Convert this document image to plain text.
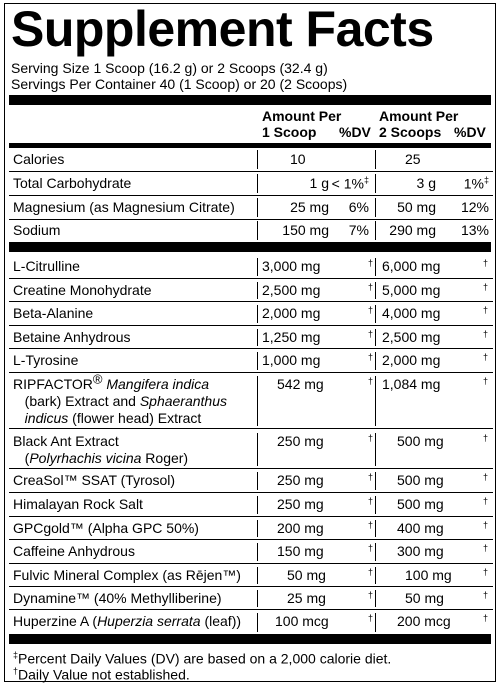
Supplement Facts
Serving Size 1 Scoop (16.2 g) or 2 Scoops (32.4 g)
Servings Per Container 40 (1 Scoop) or 20 (2 Scoops)
Amount Per
1 Scoop %DV
Amount Per
2 Scoops %DV
Calories	10	25
Total Carbohydrate	1 g < 1%‡	3 g 1%‡
Magnesium (as Magnesium Citrate)	25 mg 6% 50 mg 12%
Sodium	150 mg 7% 290 mg 13%
L-Citrulline	3,000 mg	† 6,000 mg	†
Creatine Monohydrate	2,500 mg	† 5,000 mg	†
Beta-Alanine	2,000 mg	† 4,000 mg	†
Betaine Anhydrous	1,250 mg	† 2,500 mg	†
L-Tyrosine	1,000 mg	† 2,000 mg	†
RIPFACTOR® Mangifera indica
(bark) Extract and Sphaeranthus
indicus (flower head) Extract
542 mg	† 1,084 mg	†
Black Ant Extract
(Polyrhachis vicina Roger)
250 mg	† 500 mg	†
CreaSol™ SSAT (Tyrosol)	250 mg	† 500 mg	†
Himalayan Rock Salt	250 mg	† 500 mg	†
GPCgold™ (Alpha GPC 50%)	200 mg	† 400 mg	†
Caffeine Anhydrous	150 mg	† 300 mg	†
Fulvic Mineral Complex (as Rējen™)	50 mg	† 100 mg	†
Dynamine™ (40% Methylliberine)	25 mg	† 50 mg	†
Huperzine A (Huperzia serrata (leaf)) 100 mcg	† 200 mcg	†
‡Percent Daily Values (DV) are based on a 2,000 calorie diet.
†Daily Value not established.
